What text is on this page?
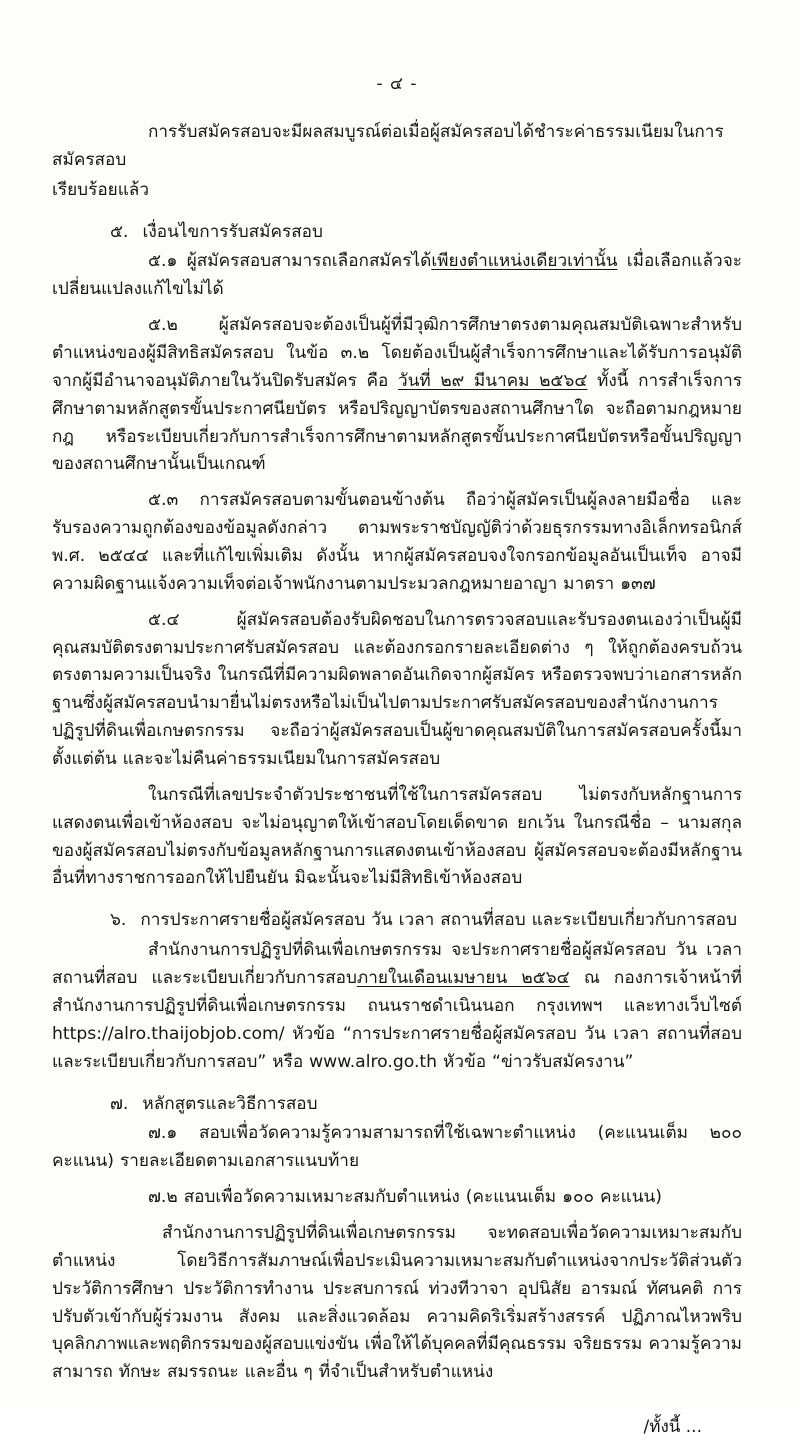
- ๔ -

การรับสมัครสอบจะมีผลสมบูรณ์ต่อเมื่อผู้สมัครสอบได้ชำระค่าธรรมเนียมในการสมัครสอบ

เรียบร้อยแล้ว

๕. เงื่อนไขการรับสมัครสอบ

๕.๑ ผู้สมัครสอบสามารถเลือกสมัครได้เพียงตำแหน่งเดียวเท่านั้น เมื่อเลือกแล้วจะเปลี่ยนแปลงแก้ไขไม่ได้

๕.๒ ผู้สมัครสอบจะต้องเป็นผู้ที่มีวุฒิการศึกษาตรงตามคุณสมบัติเฉพาะสำหรับตำแหน่งของผู้มีสิทธิสมัครสอบ ในข้อ ๓.๒ โดยต้องเป็นผู้สำเร็จการศึกษาและได้รับการอนุมัติจากผู้มีอำนาจอนุมัติภายในวันปิดรับสมัคร คือ วันที่ ๒๙ มีนาคม ๒๕๖๔ ทั้งนี้ การสำเร็จการศึกษาตามหลักสูตรขั้นประกาศนียบัตร หรือปริญญาบัตรของสถานศึกษาใด จะถือตามกฎหมาย กฎ หรือระเบียบเกี่ยวกับการสำเร็จการศึกษาตามหลักสูตรขั้นประกาศนียบัตรหรือขั้นปริญญาของสถานศึกษานั้นเป็นเกณฑ์

๕.๓ การสมัครสอบตามขั้นตอนข้างต้น ถือว่าผู้สมัครเป็นผู้ลงลายมือชื่อ และรับรองความถูกต้องของข้อมูลดังกล่าว ตามพระราชบัญญัติว่าด้วยธุรกรรมทางอิเล็กทรอนิกส์ พ.ศ. ๒๕๔๔ และที่แก้ไขเพิ่มเติม ดังนั้น หากผู้สมัครสอบจงใจกรอกข้อมูลอันเป็นเท็จ อาจมีความผิดฐานแจ้งความเท็จต่อเจ้าพนักงานตามประมวลกฎหมายอาญา มาตรา ๑๓๗

๕.๔	ผู้สมัครสอบต้องรับผิดชอบในการตรวจสอบและรับรองตนเองว่าเป็นผู้มีคุณสมบัติตรงตามประกาศรับสมัครสอบ และต้องกรอกรายละเอียดต่าง ๆ ให้ถูกต้องครบถ้วนตรงตามความเป็นจริง ในกรณีที่มีความผิดพลาดอันเกิดจากผู้สมัคร หรือตรวจพบว่าเอกสารหลักฐานซึ่งผู้สมัครสอบนำมายื่นไม่ตรงหรือไม่เป็นไปตามประกาศรับสมัครสอบของสำนักงานการปฏิรูปที่ดินเพื่อเกษตรกรรม จะถือว่าผู้สมัครสอบเป็นผู้ขาดคุณสมบัติในการสมัครสอบครั้งนี้มาตั้งแต่ต้น และจะไม่คืนค่าธรรมเนียมในการสมัครสอบ

ในกรณีที่เลขประจำตัวประชาชนที่ใช้ในการสมัครสอบ ไม่ตรงกับหลักฐานการแสดงตนเพื่อเข้าห้องสอบ จะไม่อนุญาตให้เข้าสอบโดยเด็ดขาด ยกเว้น ในกรณีชื่อ – นามสกุล ของผู้สมัครสอบไม่ตรงกับข้อมูลหลักฐานการแสดงตนเข้าห้องสอบ ผู้สมัครสอบจะต้องมีหลักฐานอื่นที่ทางราชการออกให้ไปยืนยัน มิฉะนั้นจะไม่มีสิทธิเข้าห้องสอบ

๖. การประกาศรายชื่อผู้สมัครสอบ วัน เวลา สถานที่สอบ และระเบียบเกี่ยวกับการสอบ

สำนักงานการปฏิรูปที่ดินเพื่อเกษตรกรรม จะประกาศรายชื่อผู้สมัครสอบ วัน เวลา สถานที่สอบ และระเบียบเกี่ยวกับการสอบภายในเดือนเมษายน ๒๕๖๔ ณ กองการเจ้าหน้าที่ สำนักงานการปฏิรูปที่ดินเพื่อเกษตรกรรม ถนนราชดำเนินนอก กรุงเทพฯ และทางเว็บไซต์ https://alro.thaijobjob.com/ หัวข้อ “การประกาศรายชื่อผู้สมัครสอบ วัน เวลา สถานที่สอบ และระเบียบเกี่ยวกับการสอบ” หรือ www.alro.go.th หัวข้อ “ข่าวรับสมัครงาน”

๗. หลักสูตรและวิธีการสอบ

๗.๑ สอบเพื่อวัดความรู้ความสามารถที่ใช้เฉพาะตำแหน่ง (คะแนนเต็ม ๒๐๐ คะแนน) รายละเอียดตามเอกสารแนบท้าย

๗.๒ สอบเพื่อวัดความเหมาะสมกับตำแหน่ง (คะแนนเต็ม ๑๐๐ คะแนน)

สำนักงานการปฏิรูปที่ดินเพื่อเกษตรกรรม จะทดสอบเพื่อวัดความเหมาะสมกับตำแหน่ง โดยวิธีการสัมภาษณ์เพื่อประเมินความเหมาะสมกับตำแหน่งจากประวัติส่วนตัว ประวัติการศึกษา ประวัติการทำงาน ประสบการณ์ ท่วงทีวาจา อุปนิสัย อารมณ์ ทัศนคติ การปรับตัวเข้ากับผู้ร่วมงาน สังคม และสิ่งแวดล้อม ความคิดริเริ่มสร้างสรรค์ ปฏิภาณไหวพริบ บุคลิกภาพและพฤติกรรมของผู้สอบแข่งขัน เพื่อให้ได้บุคคลที่มีคุณธรรม จริยธรรม ความรู้ความสามารถ ทักษะ สมรรถนะ และอื่น ๆ ที่จำเป็นสำหรับตำแหน่ง

/ทั้งนี้ ...
